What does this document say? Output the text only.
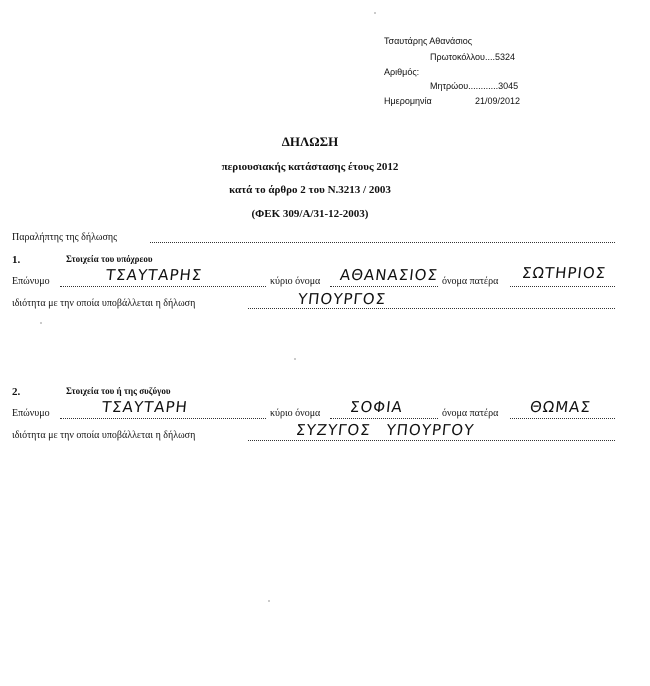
Τσαυτάρης Αθανάσιος
Πρωτοκόλλου....5324
Αριθμός:
Μητρώου............3045
Ημερομηνία	21/09/2012
ΔΗΛΩΣΗ
περιουσιακής κατάστασης έτους 2012
κατά το άρθρο 2 του Ν.3213 / 2003
(ΦΕΚ 309/Α/31-12-2003)
Παραλήπτης της δήλωσης
1.	Στοιχεία του υπόχρεου
Επώνυμο	ΤΣΑΥΤΑΡΗΣ	κύριο όνομα ΑΘΑΝΑΣΙΟΣ όνομα πατέρα ΣΩΤΗΡΙΟΣ
ιδιότητα με την οποία υποβάλλεται η δήλωση	ΥΠΟΥΡΓΟΣ
2.	Στοιχεία του ή της συζύγου
Επώνυμο	ΤΣΑΥΤΑΡΗ	κύριο όνομα ΣΟΦΙΑ	όνομα πατέρα ΘΩΜΑΣ
ιδιότητα με την οποία υποβάλλεται η δήλωση	ΣΥΖΥΓΟΣ ΥΠΟΥΡΓΟΥ
